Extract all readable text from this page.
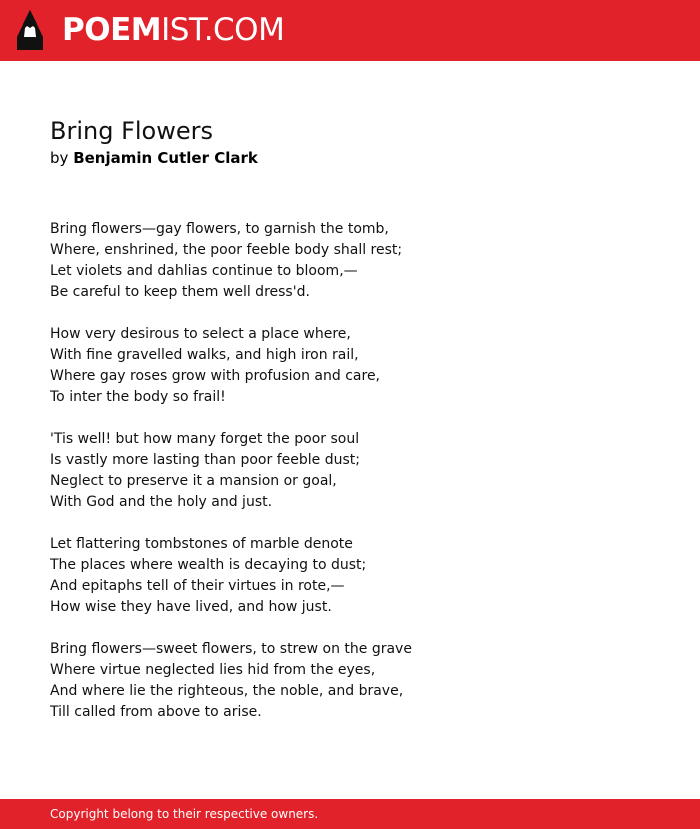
POEMIST.COM
Bring Flowers
by Benjamin Cutler Clark
Bring flowers—gay flowers, to garnish the tomb,
Where, enshrined, the poor feeble body shall rest;
Let violets and dahlias continue to bloom,—
Be careful to keep them well dress'd.
How very desirous to select a place where,
With fine gravelled walks, and high iron rail,
Where gay roses grow with profusion and care,
To inter the body so frail!
'Tis well! but how many forget the poor soul
Is vastly more lasting than poor feeble dust;
Neglect to preserve it a mansion or goal,
With God and the holy and just.
Let flattering tombstones of marble denote
The places where wealth is decaying to dust;
And epitaphs tell of their virtues in rote,—
How wise they have lived, and how just.
Bring flowers—sweet flowers, to strew on the grave
Where virtue neglected lies hid from the eyes,
And where lie the righteous, the noble, and brave,
Till called from above to arise.
Copyright belong to their respective owners.
